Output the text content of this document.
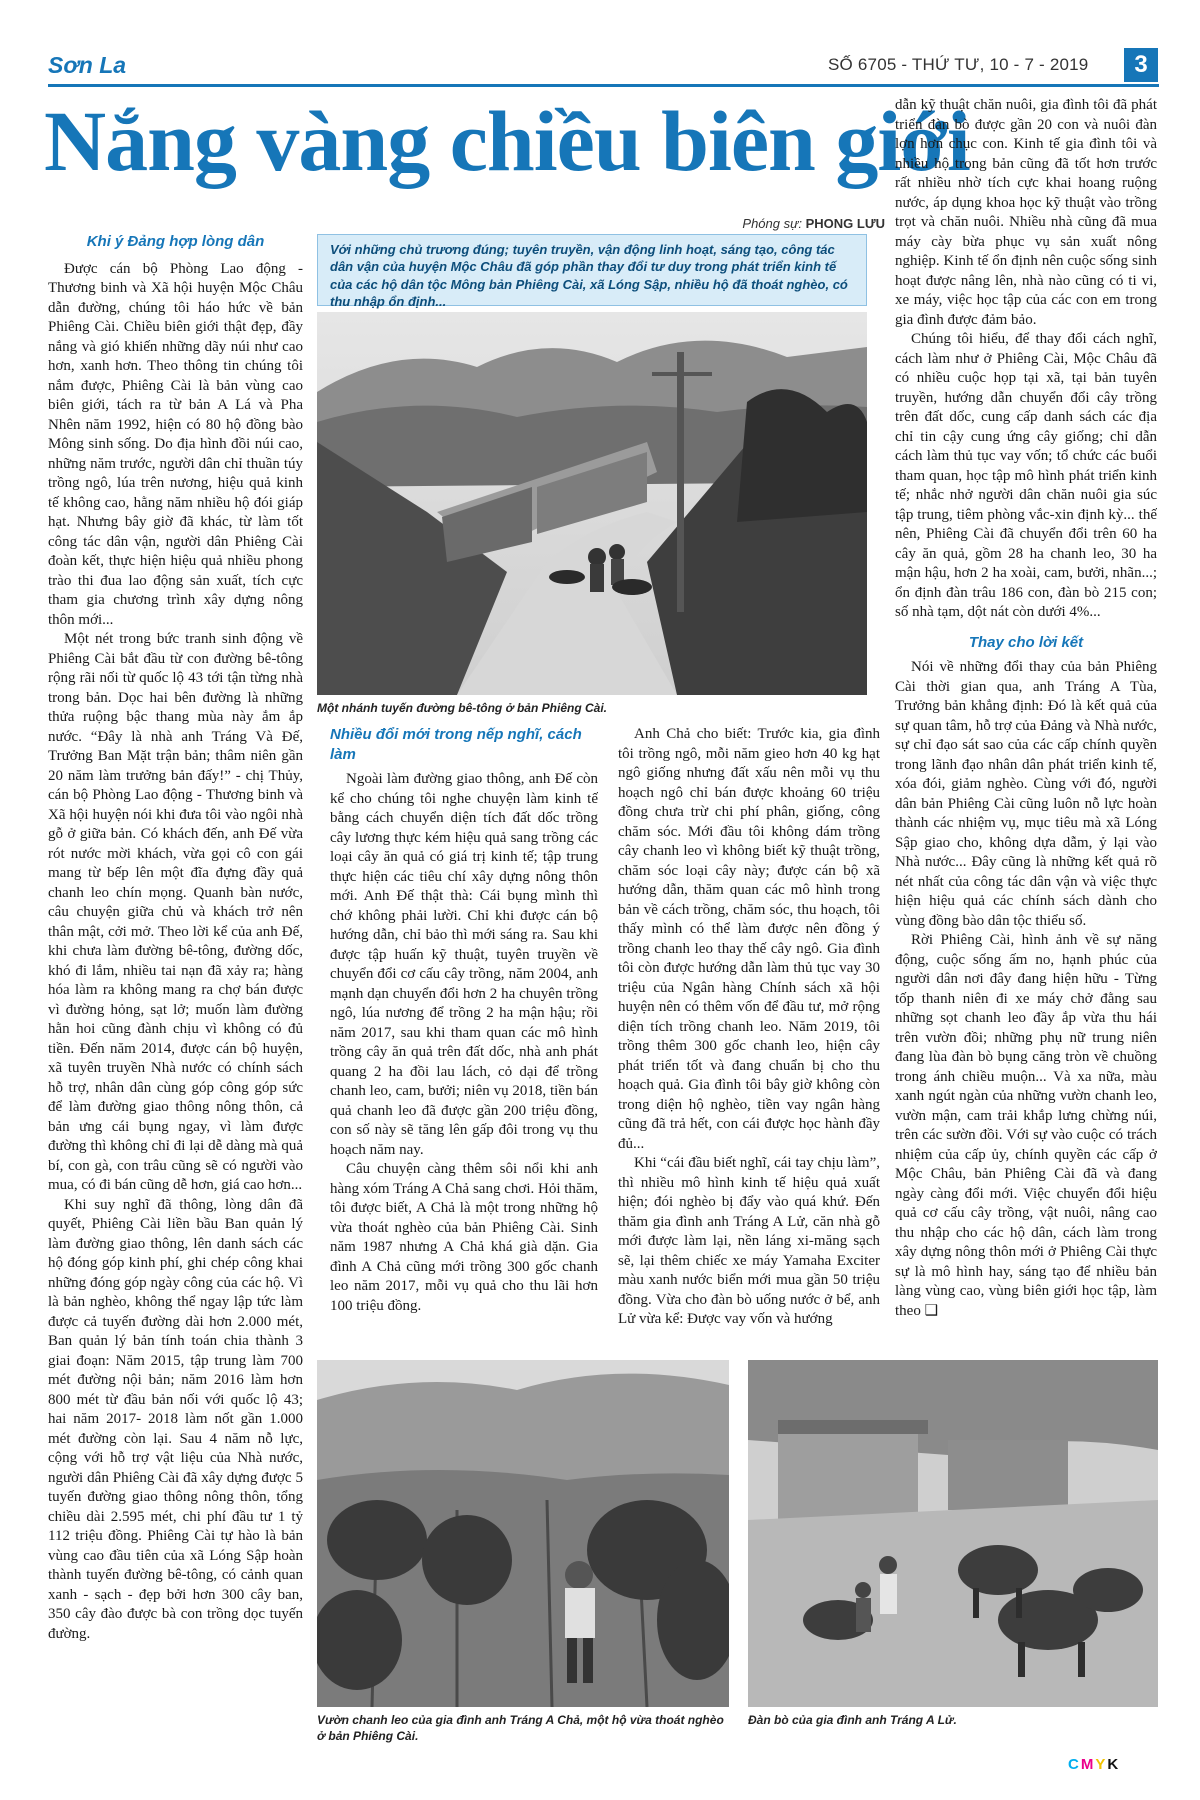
Sơn La	SỐ 6705 - THỨ TƯ, 10 - 7 - 2019	3
Nắng vàng chiều biên giới
Phóng sự: PHONG LƯU
Với những chủ trương đúng; tuyên truyền, vận động linh hoạt, sáng tạo, công tác dân vận của huyện Mộc Châu đã góp phần thay đổi tư duy trong phát triển kinh tế của các hộ dân tộc Mông bản Phiêng Cài, xã Lóng Sập, nhiều hộ đã thoát nghèo, có thu nhập ổn định...

Khi ý Đảng hợp lòng dân

Được cán bộ Phòng Lao động - Thương binh và Xã hội huyện Mộc Châu dẫn đường, chúng tôi háo hức về bản Phiêng Cài. Chiều biên giới thật đẹp, đầy nắng và gió khiến những dãy núi như cao hơn, xanh hơn. Theo thông tin chúng tôi nắm được, Phiêng Cài là bản vùng cao biên giới, tách ra từ bản A Lá và Pha Nhên năm 1992, hiện có 80 hộ đồng bào Mông sinh sống. Do địa hình đồi núi cao, những năm trước, người dân chỉ thuần túy trồng ngô, lúa trên nương, hiệu quả kinh tế không cao, hằng năm nhiều hộ đói giáp hạt. Nhưng bây giờ đã khác, từ làm tốt công tác dân vận, người dân Phiêng Cài đoàn kết, thực hiện hiệu quả nhiều phong trào thi đua lao động sản xuất, tích cực tham gia chương trình xây dựng nông thôn mới...

Một nét trong bức tranh sinh động về Phiêng Cài bắt đầu từ con đường bê-tông rộng rãi nối từ quốc lộ 43 tới tận từng nhà trong bản. Dọc hai bên đường là những thửa ruộng bậc thang mùa này ắm ắp nước. “Đây là nhà anh Tráng Và Đế, Trưởng Ban Mặt trận bản; thâm niên gần 20 năm làm trưởng bản đấy!” - chị Thủy, cán bộ Phòng Lao động - Thương binh và Xã hội huyện nói khi đưa tôi vào ngôi nhà gỗ ở giữa bản. Có khách đến, anh Đế vừa rót nước mời khách, vừa gọi cô con gái mang từ bếp lên một đĩa đựng đầy quả chanh leo chín mọng. Quanh bàn nước, câu chuyện giữa chủ và khách trở nên thân mật, cởi mở. Theo lời kể của anh Đế, khi chưa làm đường bê-tông, đường dốc, khó đi lắm, nhiều tai nạn đã xảy ra; hàng hóa làm ra không mang ra chợ bán được vì đường hỏng, sạt lở; muốn làm đường hằn hoi cũng đành chịu vì không có đủ tiền. Đến năm 2014, được cán bộ huyện, xã tuyên truyền Nhà nước có chính sách hỗ trợ, nhân dân cùng góp công góp sức để làm đường giao thông nông thôn, cả bản ưng cái bụng ngay, vì làm được đường thì không chỉ đi lại dễ dàng mà quả bí, con gà, con trâu cũng sẽ có người vào mua, có đi bán cũng dễ hơn, giá cao hơn...

Khi suy nghĩ đã thông, lòng dân đã quyết, Phiêng Cài liền bầu Ban quản lý làm đường giao thông, lên danh sách các hộ đóng góp kinh phí, ghi chép công khai những đóng góp ngày công của các hộ. Vì là bản nghèo, không thể ngay lập tức làm được cả tuyến đường dài hơn 2.000 mét, Ban quản lý bản tính toán chia thành 3 giai đoạn: Năm 2015, tập trung làm 700 mét đường nội bản; năm 2016 làm hơn 800 mét từ đầu bản nối với quốc lộ 43; hai năm 2017- 2018 làm nốt gần 1.000 mét đường còn lại. Sau 4 năm nỗ lực, cộng với hỗ trợ vật liệu của Nhà nước, người dân Phiêng Cài đã xây dựng được 5 tuyến đường giao thông nông thôn, tổng chiều dài 2.595 mét, chi phí đầu tư 1 tỷ 112 triệu đồng. Phiêng Cài tự hào là bản vùng cao đầu tiên của xã Lóng Sập hoàn thành tuyến đường bê-tông, có cảnh quan xanh - sạch - đẹp bởi hơn 300 cây ban, 350 cây đào được bà con trồng dọc tuyến đường.

Một nhánh tuyến đường bê-tông ở bản Phiêng Cài.

Nhiều đổi mới trong nếp nghĩ, cách làm

Ngoài làm đường giao thông, anh Đế còn kể cho chúng tôi nghe chuyện làm kinh tế bằng cách chuyển diện tích đất dốc trồng cây lương thực kém hiệu quả sang trồng các loại cây ăn quả có giá trị kinh tế; tập trung thực hiện các tiêu chí xây dựng nông thôn mới. Anh Đế thật thà: Cái bụng mình thì chớ không phải lười. Chỉ khi được cán bộ hướng dẫn, chỉ bảo thì mới sáng ra. Sau khi được tập huấn kỹ thuật, tuyên truyền về chuyển đổi cơ cấu cây trồng, năm 2004, anh mạnh dạn chuyển đổi hơn 2 ha chuyên trồng ngô, lúa nương để trồng 2 ha mận hậu; rồi năm 2017, sau khi tham quan các mô hình trồng cây ăn quả trên đất dốc, nhà anh phát quang 2 ha đồi lau lách, cỏ dại để trồng chanh leo, cam, bưởi; niên vụ 2018, tiền bán quả chanh leo đã được gần 200 triệu đồng, con số này sẽ tăng lên gấp đôi trong vụ thu hoạch năm nay.

Câu chuyện càng thêm sôi nổi khi anh hàng xóm Tráng A Chả sang chơi. Hỏi thăm, tôi được biết, A Chả là một trong những hộ vừa thoát nghèo của bản Phiêng Cài. Sinh năm 1987 nhưng A Chả khá già dặn. Gia đình A Chả cũng mới trồng 300 gốc chanh leo năm 2017, mỗi vụ quả cho thu lãi hơn 100 triệu đồng.

Anh Chả cho biết: Trước kia, gia đình tôi trồng ngô, mỗi năm gieo hơn 40 kg hạt ngô giống nhưng đất xấu nên mỗi vụ thu hoạch ngô chỉ bán được khoảng 60 triệu đồng chưa trừ chi phí phân, giống, công chăm sóc. Mới đầu tôi không dám trồng cây chanh leo vì không biết kỹ thuật trồng, chăm sóc loại cây này; được cán bộ xã hướng dẫn, thăm quan các mô hình trong bản về cách trồng, chăm sóc, thu hoạch, tôi thấy mình có thể làm được nên đồng ý trồng chanh leo thay thế cây ngô. Gia đình tôi còn được hướng dẫn làm thủ tục vay 30 triệu của Ngân hàng Chính sách xã hội huyện nên có thêm vốn để đầu tư, mở rộng diện tích trồng chanh leo. Năm 2019, tôi trồng thêm 300 gốc chanh leo, hiện cây phát triển tốt và đang chuẩn bị cho thu hoạch quả. Gia đình tôi bây giờ không còn trong diện hộ nghèo, tiền vay ngân hàng cũng đã trả hết, con cái được học hành đầy đủ...

Khi “cái đầu biết nghĩ, cái tay chịu làm”, thì nhiều mô hình kinh tế hiệu quả xuất hiện; đói nghèo bị đẩy vào quá khứ. Đến thăm gia đình anh Tráng A Lử, căn nhà gỗ mới được làm lại, nền láng xi-măng sạch sẽ, lại thêm chiếc xe máy Yamaha Exciter màu xanh nước biển mới mua gần 50 triệu đồng. Vừa cho đàn bò uống nước ở bể, anh Lử vừa kể: Được vay vốn và hướng

dẫn kỹ thuật chăn nuôi, gia đình tôi đã phát triển đàn bò được gần 20 con và nuôi đàn lợn hơn chục con. Kinh tế gia đình tôi và nhiều hộ trong bản cũng đã tốt hơn trước rất nhiều nhờ tích cực khai hoang ruộng nước, áp dụng khoa học kỹ thuật vào trồng trọt và chăn nuôi. Nhiều nhà cũng đã mua máy cày bừa phục vụ sản xuất nông nghiệp. Kinh tế ổn định nên cuộc sống sinh hoạt được nâng lên, nhà nào cũng có ti vi, xe máy, việc học tập của các con em trong gia đình được đảm bảo.

Chúng tôi hiểu, để thay đổi cách nghĩ, cách làm như ở Phiêng Cài, Mộc Châu đã có nhiều cuộc họp tại xã, tại bản tuyên truyền, hướng dẫn chuyển đổi cây trồng trên đất dốc, cung cấp danh sách các địa chỉ tin cậy cung ứng cây giống; chỉ dẫn cách làm thủ tục vay vốn; tổ chức các buổi tham quan, học tập mô hình phát triển kinh tế; nhắc nhở người dân chăn nuôi gia súc tập trung, tiêm phòng vắc-xin định kỳ... thế nên, Phiêng Cài đã chuyển đổi trên 60 ha cây ăn quả, gồm 28 ha chanh leo, 30 ha mận hậu, hơn 2 ha xoài, cam, bưởi, nhãn...; ổn định đàn trâu 186 con, đàn bò 215 con; số nhà tạm, dột nát còn dưới 4%...

Thay cho lời kết

Nói về những đổi thay của bản Phiêng Cài thời gian qua, anh Tráng A Tùa, Trưởng bản khẳng định: Đó là kết quả của sự quan tâm, hỗ trợ của Đảng và Nhà nước, sự chỉ đạo sát sao của các cấp chính quyền trong lãnh đạo nhân dân phát triển kinh tế, xóa đói, giảm nghèo. Cùng với đó, người dân bản Phiêng Cài cũng luôn nỗ lực hoàn thành các nhiệm vụ, mục tiêu mà xã Lóng Sập giao cho, không dựa dẫm, ỷ lại vào Nhà nước... Đây cũng là những kết quả rõ nét nhất của công tác dân vận và việc thực hiện hiệu quả các chính sách dành cho vùng đồng bào dân tộc thiểu số.

Rời Phiêng Cài, hình ảnh về sự năng động, cuộc sống ấm no, hạnh phúc của người dân nơi đây đang hiện hữu - Từng tốp thanh niên đi xe máy chở đằng sau những sọt chanh leo đầy ắp vừa thu hái trên vườn đồi; những phụ nữ trung niên đang lùa đàn bò bụng căng tròn về chuồng trong ánh chiều muộn... Và xa nữa, màu xanh ngút ngàn của những vườn chanh leo, vườn mận, cam trải khắp lưng chừng núi, trên các sườn đồi. Với sự vào cuộc có trách nhiệm của cấp ủy, chính quyền các cấp ở Mộc Châu, bản Phiêng Cài đã và đang ngày càng đổi mới. Việc chuyển đổi hiệu quả cơ cấu cây trồng, vật nuôi, nâng cao thu nhập cho các hộ dân, cách làm trong xây dựng nông thôn mới ở Phiêng Cài thực sự là mô hình hay, sáng tạo để nhiều bản làng vùng cao, vùng biên giới học tập, làm theo ❑

Vườn chanh leo của gia đình anh Tráng A Chả, một hộ vừa thoát nghèo ở bản Phiêng Cài.
Đàn bò của gia đình anh Tráng A Lử.
CMYK
